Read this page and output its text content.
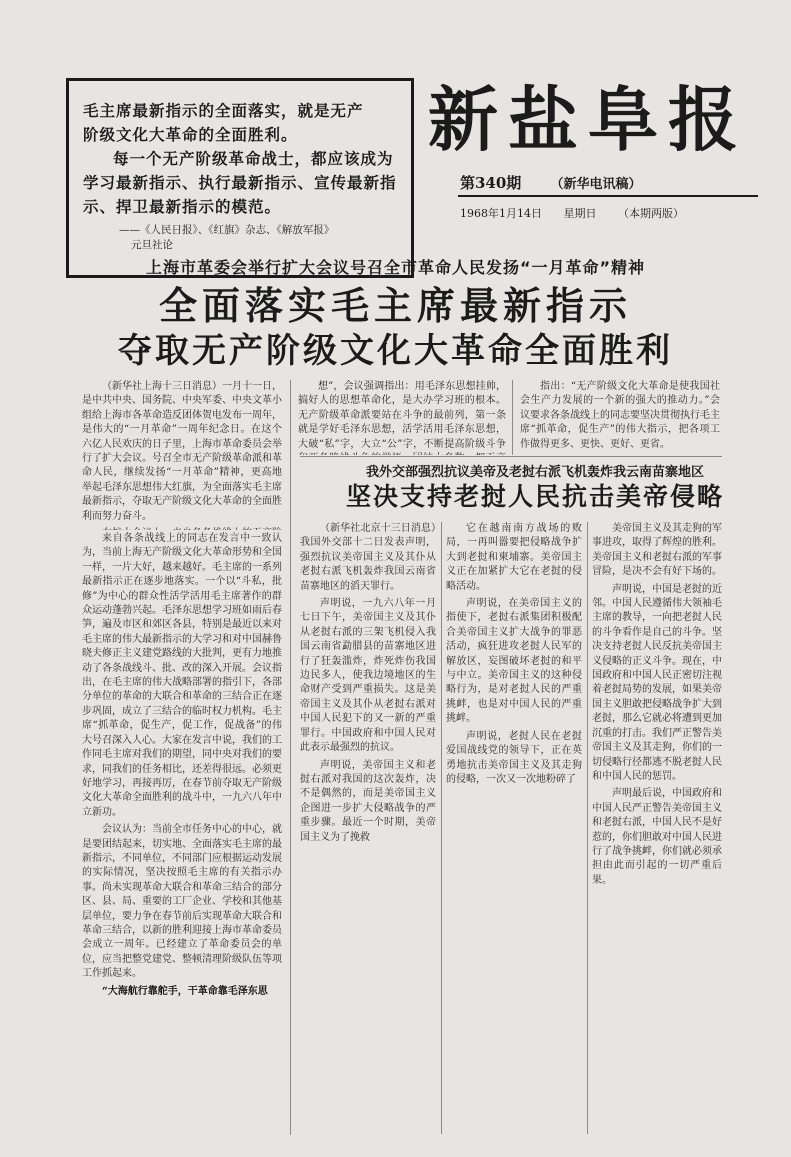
毛主席最新指示的全面落实，就是无产
阶级文化大革命的全面胜利。
每一个无产阶级革命战士，都应该成为
学习最新指示、执行最新指示、宣传最新指
示、捍卫最新指示的模范。
——《人民日报》、《红旗》杂志、《解放军报》
元旦社论
新盐阜报
第340期 （新华电讯稿）
1968年1月14日 星期日 （本期两版）
上海市革委会举行扩大会议号召全市革命人民发扬“一月革命”精神
全面落实毛主席最新指示
夺取无产阶级文化大革命全面胜利

（新华社上海十三日消息）一月十一日，是中共中央、国务院、中央军委、中央文革小组给上海市各革命造反团体贺电发布一周年，是伟大的“一月革命”一周年纪念日。在这个六亿人民欢庆的日子里，上海市革命委员会举行了扩大会议。号召全市无产阶级革命派和革命人民，继续发扬“一月革命”精神，更高地举起毛泽东思想伟大红旗，为全面落实毛主席最新指示，夺取无产阶级文化大革命的全面胜利而努力奋斗。

来自各条战线上的同志在发言中一致认为，当前上海无产阶级文化大革命形势和全国一样，一片大好，越来越好。毛主席的一系列最新指示正在逐步地落实。一个以“斗私，批修”为中心的群众性活学活用毛主席著作的群众运动蓬勃兴起。毛泽东思想学习班如雨后春笋，遍及市区和郊区各县，特别是最近以来对毛主席的伟大最新指示的大学习和对中国赫鲁晓夫修正主义建党路线的大批判，更有力地推动了各条战线斗、批、改的深入开展。会议指出，在毛主席的伟大战略部署的指引下，各部分单位的革命的大联合和革命的三结合正在逐步巩固，成立了三结合的临时权力机构。毛主席“抓革命，促生产，促工作，促战备”的伟大号召深入人心。大家在发言中说，我们的工作同毛主席对我们的期望，同中央对我们的要求，同我们的任务相比，还差得很远。必须更好地学习，再接再厉，在春节前夺取无产阶级文化大革命全面胜利的战斗中，一九六八年中立新功。

会议认为：当前全市任务中心的中心，就是要团结起来，切实地、全面落实毛主席的最新指示，不同单位，不同部门应根据运动发展的实际情况，坚决按照毛主席的有关指示办事。尚未实现革命大联合和革命三结合的部分区、县、局、重要的工厂企业、学校和其他基层单位，要力争在春节前后实现革命大联合和革命三结合，以新的胜利迎接上海市革命委员会成立一周年。已经建立了革命委员会的单位，应当把整党建党、整顿清理阶级队伍等项工作抓起来。

“大海航行靠舵手，干革命靠毛泽东思

想”，会议强调指出：用毛泽东思想挂帅，搞好人的思想革命化，是大办学习班的根本。无产阶级革命派要站在斗争的最前列，第一条就是学好毛泽东思想，活学活用毛泽东思想，大破“私”字，大立“公”字，不断提高阶级斗争

指出：“无产阶级文化大革命是使我国社会生产力发展的一个新的强大的推动力。”会议要求各条战线上的同志要坚决贯彻执行毛主席“抓革命，促生产”的伟大指示，把各项工作做得更多、更快、更好、更省。

我外交部强烈抗议美帝及老挝右派飞机轰炸我云南苗寨地区
坚决支持老挝人民抗击美帝侵略

（新华社北京十三日消息）我国外交部十二日发表声明，强烈抗议美帝国主义及其仆从老挝右派飞机轰炸我国云南省苗寨地区的滔天罪行。

声明说，一九六八年一月七日下午，美帝国主义及其仆从老挝右派的三架飞机侵入我国云南省勐腊县的苗寨地区进行了狂轰滥炸，炸死炸伤我国边民多人，使我边境地区的生命财产受到严重损失。这是美帝国主义及其仆从老挝右派对中国人民犯下的又一新的严重罪行。中国政府和中国人民对此表示最强烈的抗议。

声明说，美帝国主义和老挝右派对我国的这次轰炸，决不是偶然的，而是美帝国主义企图进一步扩大侵略战争的严重步骤。最近一个时期，美帝国主义为了挽救

它在越南南方战场的败局，一再叫嚣要把侵略战争扩大到老挝和柬埔寨。美帝国主义正在加紧扩大它在老挝的侵略活动。

声明说，在美帝国主义的指使下，老挝右派集团积极配合美帝国主义扩大战争的罪恶活动，疯狂进攻老挝人民军的解放区，妄图破坏老挝的和平与中立。美帝国主义的这种侵略行为，是对老挝人民的严重挑衅，也是对中国人民的严重挑衅。

声明说，老挝人民在老挝爱国战线党的领导下，正在英勇地抗击美帝国主义及其走狗的侵略，一次又一次地粉碎了

美帝国主义及其走狗的军事进攻，取得了辉煌的胜利。美帝国主义和老挝右派的军事冒险，是决不会有好下场的。

声明说，中国是老挝的近邻。中国人民遵循伟大领袖毛主席的教导，一向把老挝人民的斗争看作是自己的斗争。坚决支持老挝人民反抗美帝国主义侵略的正义斗争。现在，中国政府和中国人民正密切注视着老挝局势的发展，如果美帝国主义胆敢把侵略战争扩大到老挝，那么它就必将遭到更加沉重的打击。我们严正警告美帝国主义及其走狗，你们的一切侵略行径都逃不脱老挝人民和中国人民的惩罚。

声明最后说，中国政府和中国人民严正警告美帝国主义和老挝右派，中国人民不是好惹的，你们胆敢对中国人民进行了战争挑衅，你们就必须承担由此而引起的一切严重后果。
